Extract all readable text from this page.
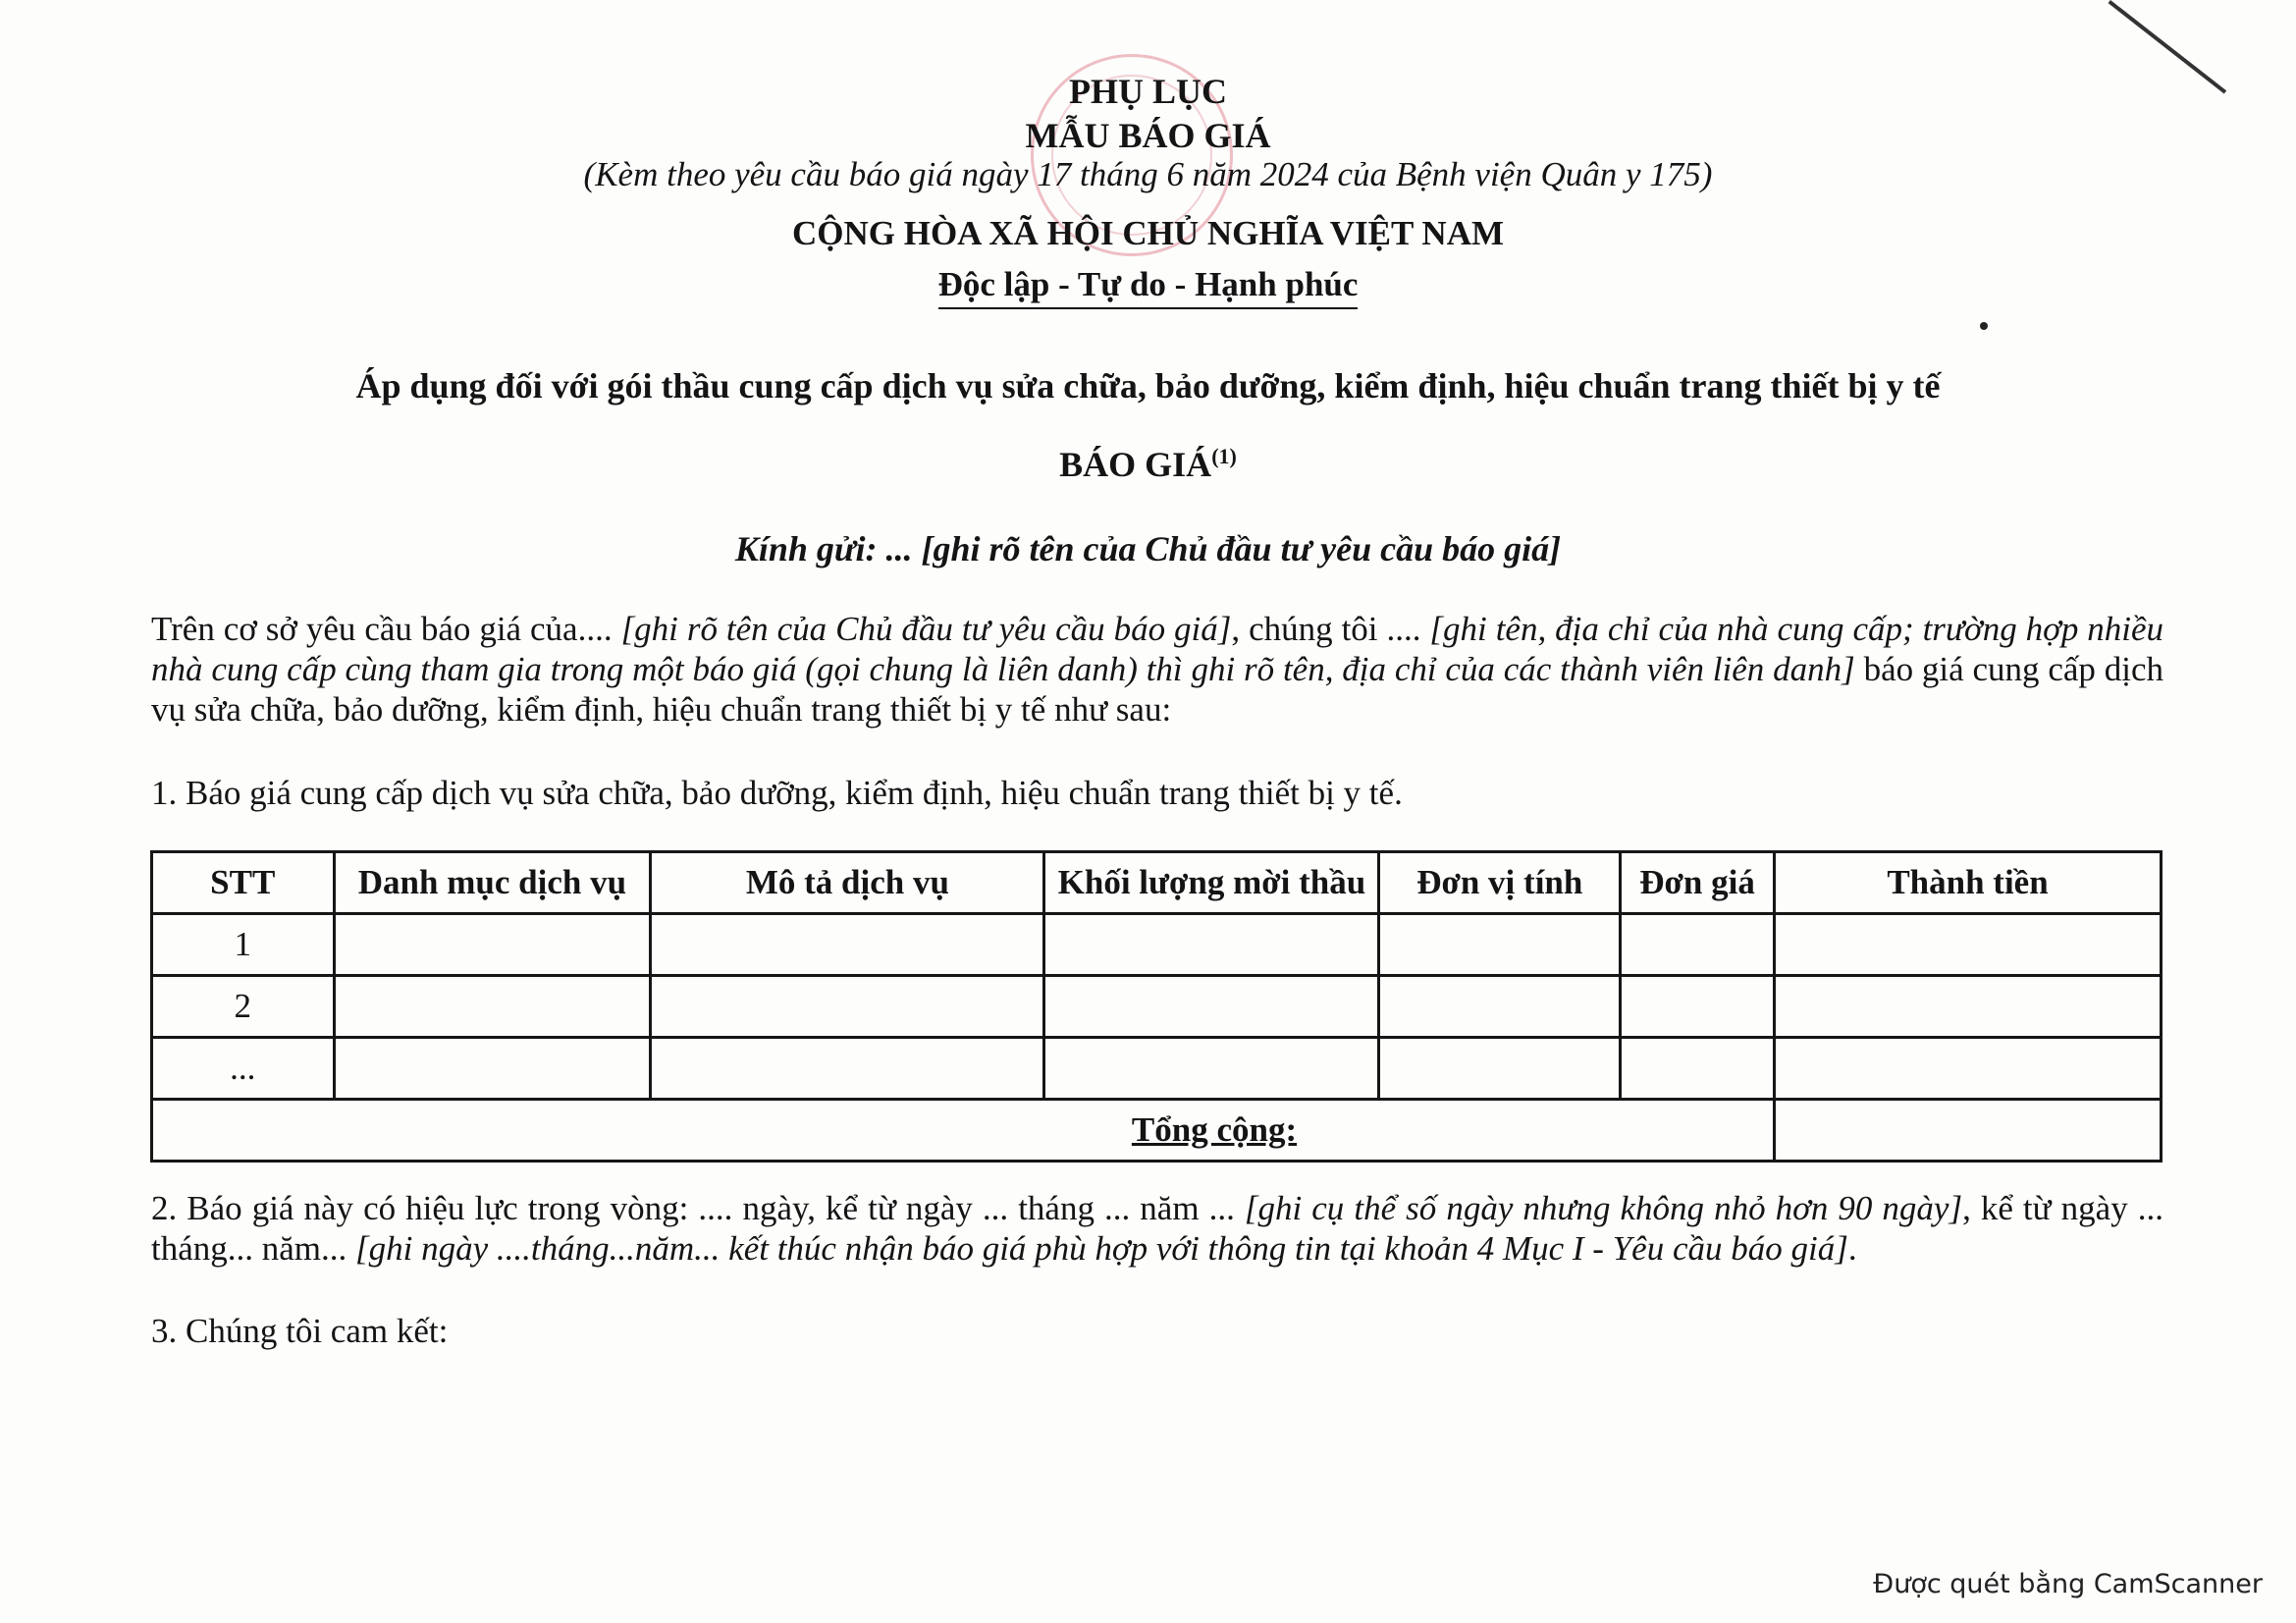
PHỤ LỤC
MẪU BÁO GIÁ
(Kèm theo yêu cầu báo giá ngày 17 tháng 6 năm 2024 của Bệnh viện Quân y 175)
CỘNG HÒA XÃ HỘI CHỦ NGHĨA VIỆT NAM
Độc lập - Tự do - Hạnh phúc
Áp dụng đối với gói thầu cung cấp dịch vụ sửa chữa, bảo dưỡng, kiểm định, hiệu chuẩn trang thiết bị y tế
BÁO GIÁ$^{(1)}$
Kính gửi: ... [ghi rõ tên của Chủ đầu tư yêu cầu báo giá]
Trên cơ sở yêu cầu báo giá của.... [ghi rõ tên của Chủ đầu tư yêu cầu báo giá], chúng tôi .... [ghi tên, địa chỉ của nhà cung cấp; trường hợp nhiều nhà cung cấp cùng tham gia trong một báo giá (gọi chung là liên danh) thì ghi rõ tên, địa chỉ của các thành viên liên danh] báo giá cung cấp dịch vụ sửa chữa, bảo dưỡng, kiểm định, hiệu chuẩn trang thiết bị y tế như sau:
1. Báo giá cung cấp dịch vụ sửa chữa, bảo dưỡng, kiểm định, hiệu chuẩn trang thiết bị y tế.
STT	Danh mục dịch vụ	Mô tả dịch vụ	Khối lượng mời thầu	Đơn vị tính	Đơn giá	Thành tiền
1						
2						
...						
Tổng cộng:						
2. Báo giá này có hiệu lực trong vòng: .... ngày, kể từ ngày ... tháng ... năm ... [ghi cụ thể số ngày nhưng không nhỏ hơn 90 ngày], kể từ ngày ... tháng... năm... [ghi ngày ....tháng...năm... kết thúc nhận báo giá phù hợp với thông tin tại khoản 4 Mục I - Yêu cầu báo giá].
3. Chúng tôi cam kết:
Được quét bằng CamScanner
